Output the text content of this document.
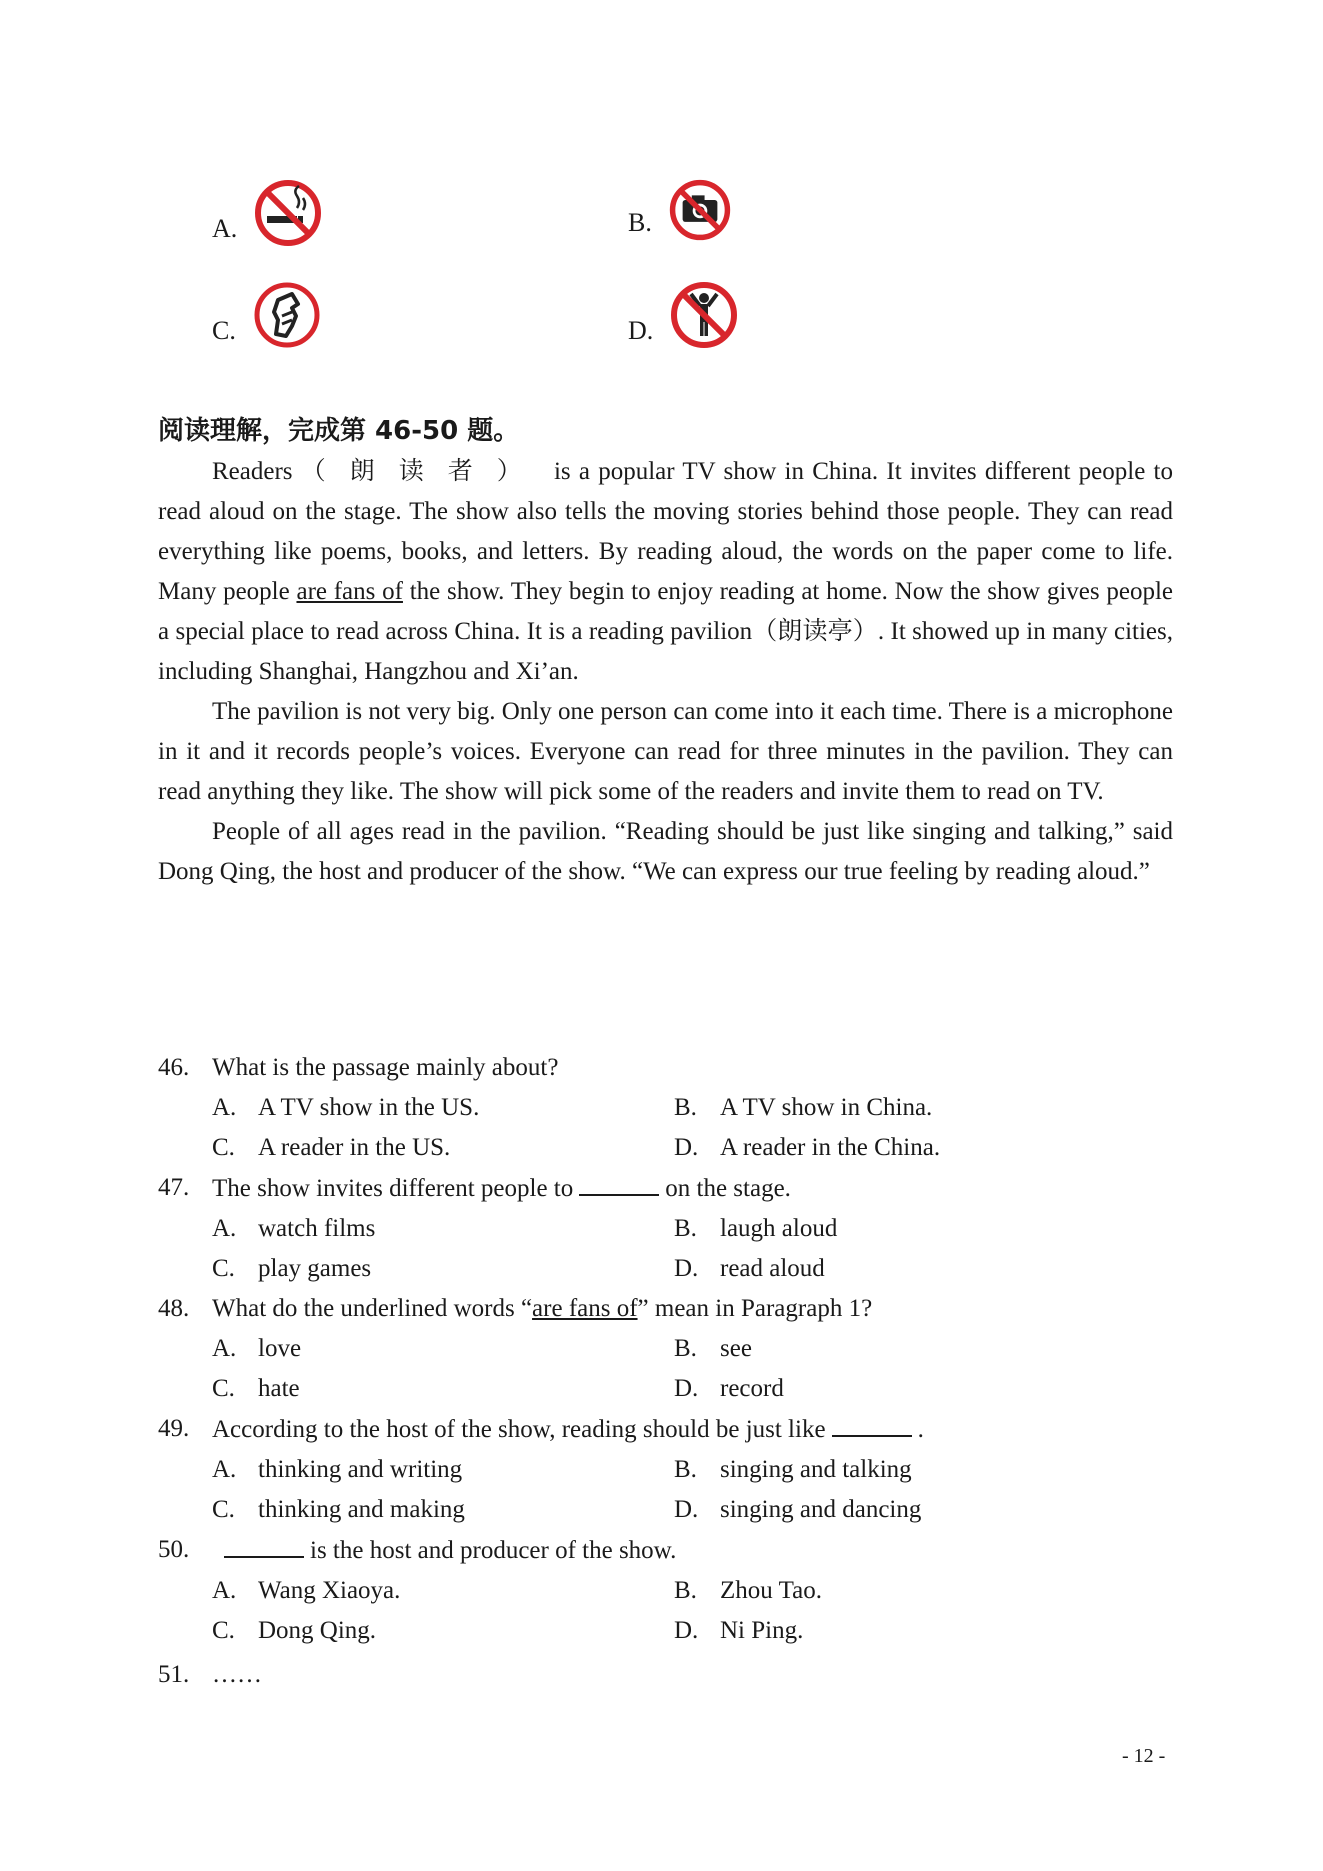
A.	B.
C.	D.
阅读理解，完成第 46-50 题。

Readers （朗读者） is a popular TV show in China. It invites different people to read aloud on the stage. The show also tells the moving stories behind those people. They can read everything like poems, books, and letters. By reading aloud, the words on the paper come to life. Many people are fans of the show. They begin to enjoy reading at home. Now the show gives people a special place to read across China. It is a reading pavilion（朗读亭）. It showed up in many cities, including Shanghai, Hangzhou and Xi’an.

The pavilion is not very big. Only one person can come into it each time. There is a microphone in it and it records people’s voices. Everyone can read for three minutes in the pavilion. They can read anything they like. The show will pick some of the readers and invite them to read on TV.

People of all ages read in the pavilion. “Reading should be just like singing and talking,” said Dong Qing, the host and producer of the show. “We can express our true feeling by reading aloud.”

46. What is the passage mainly about?
A. A TV show in the US.	B. A TV show in China.
C. A reader in the US.	D. A reader in the China.
47. The show invites different people to	on the stage.
A. watch films	B. laugh aloud
C. play games	D. read aloud
48. What do the underlined words “are fans of” mean in Paragraph 1?
A. love	B. see
C. hate	D. record
49. According to the host of the show, reading should be just like	.
A. thinking and writing	B. singing and talking
C. thinking and making	D. singing and dancing
50.	is the host and producer of the show.
A. Wang Xiaoya.	B. Zhou Tao.
C. Dong Qing.	D. Ni Ping.
51. ……
- 12 -
